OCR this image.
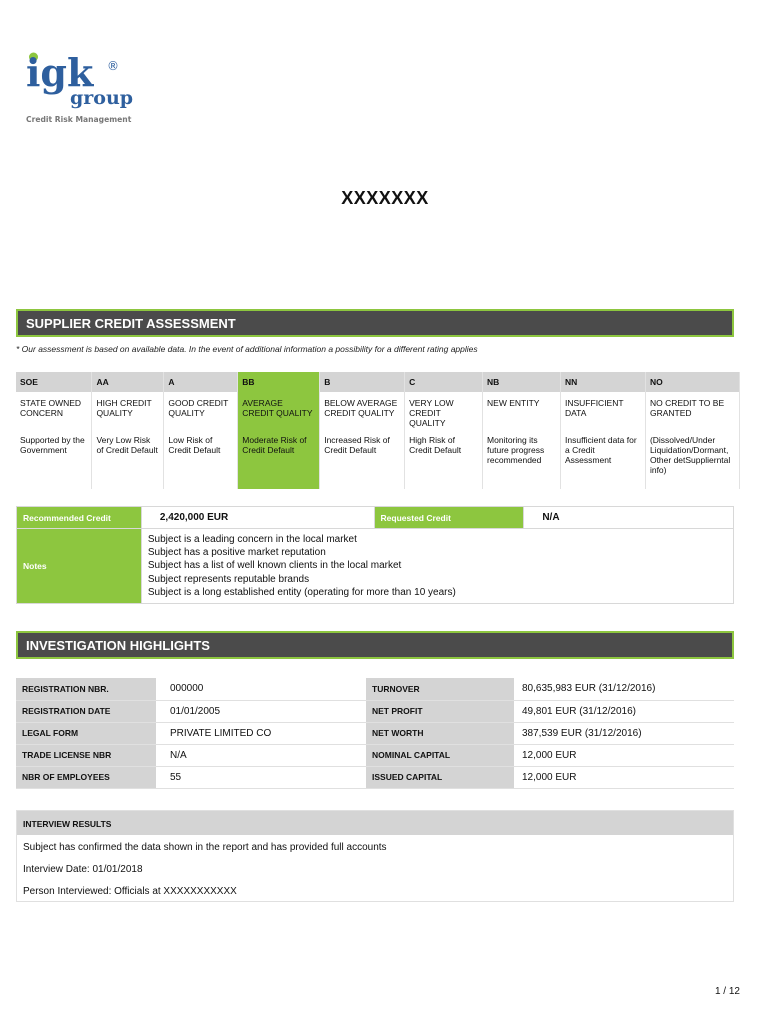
igk ®
group
Credit Risk Management
XXXXXXX
SUPPLIER CREDIT ASSESSMENT
* Our assessment is based on available data. In the event of additional information a possibility for a different rating applies
SOE	AA	A	BB	B	C	NB	NN	NO
STATE OWNED CONCERN	HIGH CREDIT QUALITY	GOOD CREDIT QUALITY	AVERAGE CREDIT QUALITY	BELOW AVERAGE CREDIT QUALITY	VERY LOW CREDIT QUALITY	NEW ENTITY	INSUFFICIENT DATA	NO CREDIT TO BE GRANTED
Supported by the Government	Very Low Risk of Credit Default	Low Risk of Credit Default	Moderate Risk of Credit Default	Increased Risk of Credit Default	High Risk of Credit Default	Monitoring its future progress recommended	Insufficient data for a Credit Assessment	(Dissolved/Under Liquidation/Dormant, Other detSupplierntal info)
Recommended Credit	2,420,000 EUR	Requested Credit	N/A
Notes	Subject is a leading concern in the local market
Subject has a positive market reputation
Subject has a list of well known clients in the local market
Subject represents reputable brands
Subject is a long established entity (operating for more than 10 years)		
INVESTIGATION HIGHLIGHTS
REGISTRATION NBR.	000000	TURNOVER	80,635,983 EUR (31/12/2016)
REGISTRATION DATE	01/01/2005	NET PROFIT	49,801 EUR (31/12/2016)
LEGAL FORM	PRIVATE LIMITED CO	NET WORTH	387,539 EUR (31/12/2016)
TRADE LICENSE NBR	N/A	NOMINAL CAPITAL	12,000 EUR
NBR OF EMPLOYEES	55	ISSUED CAPITAL	12,000 EUR
INTERVIEW RESULTS
Subject has confirmed the data shown in the report and has provided full accounts
Interview Date: 01/01/2018
Person Interviewed: Officials at XXXXXXXXXXX
1 / 12
